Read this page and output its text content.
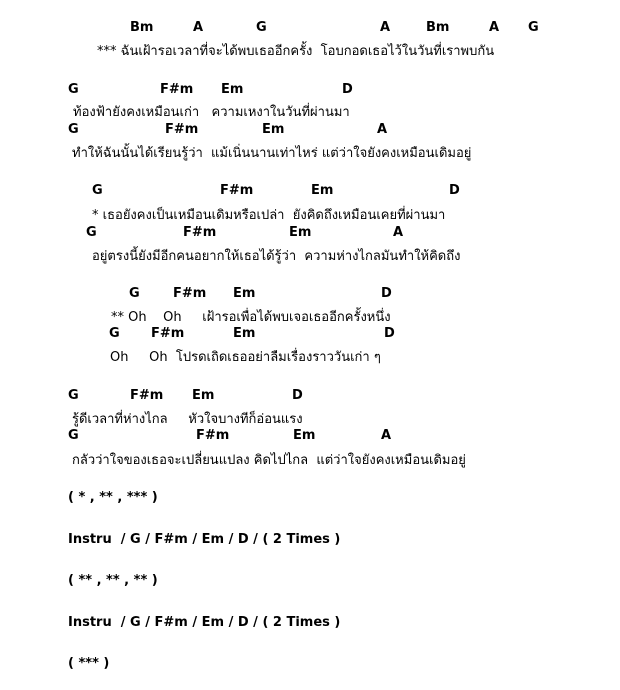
Bm	A	G	A	Bm	A G
*** ฉันเฝ้ารอเวลาที่จะได้พบเธออีกครั้ง  โอบกอดเธอไว้ในวันที่เราพบกัน
G	F#m Em	D
ท้องฟ้ายังคงเหมือนเก่า   ความเหงาในวันที่ผ่านมา
G	F#m	Em	A
ทำให้ฉันนั้นได้เรียนรู้ว่า  แม้เนิ่นนานเท่าไหร่ แต่ว่าใจยังคงเหมือนเดิมอยู่
G	F#m	Em	D
* เธอยังคงเป็นเหมือนเดิมหรือเปล่า  ยังคิดถึงเหมือนเคยที่ผ่านมา
G	F#m	Em	A
อยู่ตรงนี้ยังมีอีกคนอยากให้เธอได้รู้ว่า  ความห่างไกลมันทำให้คิดถึง
G	F#m Em	D
** Oh    Oh     เฝ้ารอเพื่อได้พบเจอเธออีกครั้งหนึ่ง
G F#m	Em	D
Oh     Oh  โปรดเถิดเธออย่าลืมเรื่องราววันเก่า ๆ
G	F#m Em	D
รู้ดีเวลาที่ห่างไกล     หัวใจบางทีก็อ่อนแรง
G	F#m	Em	A
กลัวว่าใจของเธอจะเปลี่ยนแปลง คิดไปไกล  แต่ว่าใจยังคงเหมือนเดิมอยู่
( * , ** , *** )
Instru  / G / F#m / Em / D / ( 2 Times )
( ** , ** , ** )
Instru  / G / F#m / Em / D / ( 2 Times )
( *** )
